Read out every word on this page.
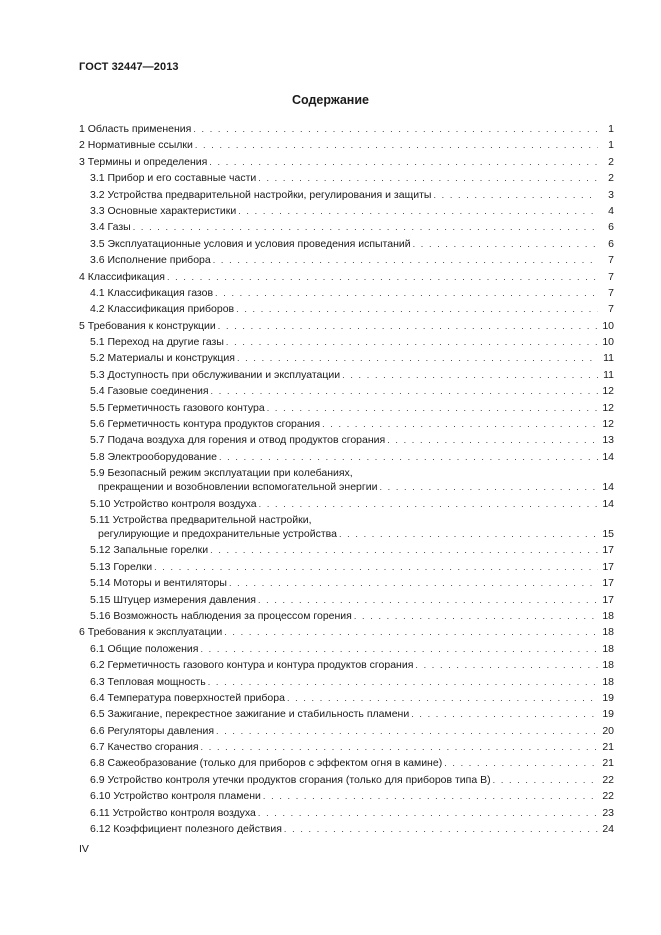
ГОСТ 32447—2013
Содержание
1 Область применения . . .	1
2 Нормативные ссылки . . .	1
3 Термины и определения . . .	2
3.1 Прибор и его составные части . . .	2
3.2 Устройства предварительной настройки, регулирования и защиты . . .	3
3.3 Основные характеристики . . .	4
3.4 Газы . . .	6
3.5 Эксплуатационные условия и условия проведения испытаний . . .	6
3.6 Исполнение прибора . . .	7
4 Классификация . . .	7
4.1 Классификация газов . . .	7
4.2 Классификация приборов . . .	7
5 Требования к конструкции . . .	10
5.1 Переход на другие газы . . .	10
5.2 Материалы и конструкция . . .	11
5.3 Доступность при обслуживании и эксплуатации . . .	11
5.4 Газовые соединения . . .	12
5.5 Герметичность газового контура . . .	12
5.6 Герметичность контура продуктов сгорания . . .	12
5.7 Подача воздуха для горения и отвод продуктов сгорания . . .	13
5.8 Электрооборудование . . .	14
5.9 Безопасный режим эксплуатации при колебаниях,
прекращении и возобновлении вспомогательной энергии . . .	14
5.10 Устройство контроля воздуха . . .	14
5.11 Устройства предварительной настройки,
регулирующие и предохранительные устройства . . .	15
5.12 Запальные горелки . . .	17
5.13 Горелки . . .	17
5.14 Моторы и вентиляторы . . .	17
5.15 Штуцер измерения давления . . .	17
5.16 Возможность наблюдения за процессом горения . . .	18
6 Требования к эксплуатации . . .	18
6.1 Общие положения . . .	18
6.2 Герметичность газового контура и контура продуктов сгорания . . .	18
6.3 Тепловая мощность . . .	18
6.4 Температура поверхностей прибора . . .	19
6.5 Зажигание, перекрестное зажигание и стабильность пламени . . .	19
6.6 Регуляторы давления . . .	20
6.7 Качество сгорания . . .	21
6.8 Сажеобразование (только для приборов с эффектом огня в камине) . . .	21
6.9 Устройство контроля утечки продуктов сгорания (только для приборов типа В) . . .	22
6.10 Устройство контроля пламени . . .	22
6.11 Устройство контроля воздуха . . .	23
6.12 Коэффициент полезного действия . . .	24
IV
